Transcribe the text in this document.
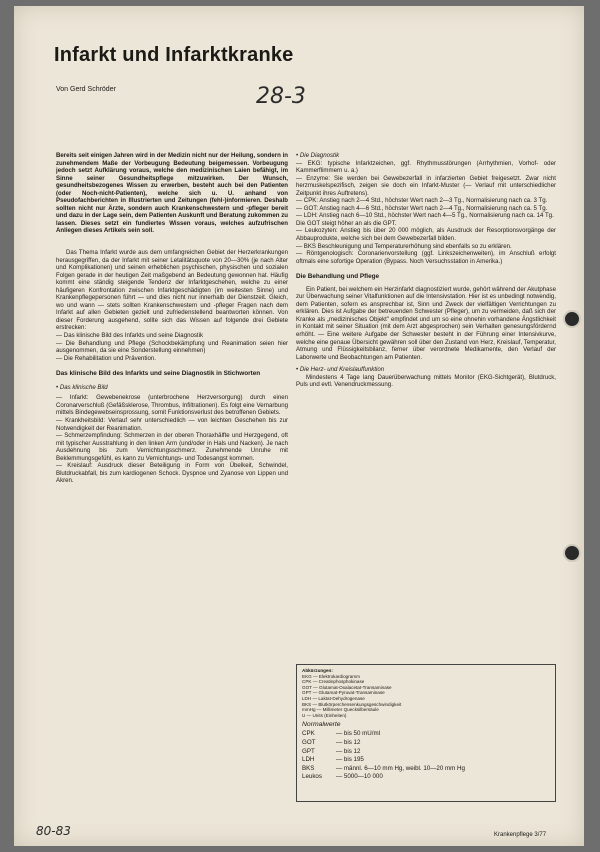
Infarkt und Infarktkranke
Von Gerd Schröder	28-3

Bereits seit einigen Jahren wird in der Medizin nicht nur der Heilung, sondern in zunehmendem Maße der Vorbeugung Bedeutung beigemessen. Vorbeugung jedoch setzt Aufklärung voraus, welche den medizinischen Laien befähigt, im Sinne seiner Gesundheitspflege mitzuwirken. Der Wunsch, gesundheitsbezogenes Wissen zu erwerben, besteht auch bei den Patienten (oder Noch-nicht-Patienten), welche sich u. U. anhand von Pseudofachberichten in Illustrierten und Zeitungen (fehl-)informieren. Deshalb sollten nicht nur Ärzte, sondern auch Krankenschwestern und -pfleger bereit und dazu in der Lage sein, dem Patienten Auskunft und Beratung zukommen zu lassen. Dieses setzt ein fundiertes Wissen voraus, welches aufzufrischen Anliegen dieses Artikels sein soll.

Das Thema Infarkt wurde aus dem umfangreichen Gebiet der Herzerkrankungen herausgegriffen, da der Infarkt mit seiner Letalitätsquote von 20—30% (je nach Alter und Komplikationen) und seinen erheblichen psychischen, physischen und sozialen Folgen gerade in der heutigen Zeit maßgebend an Bedeutung gewonnen hat. Häufig kommt eine ständig steigende Tendenz der Infarktgeschehen, welche zu einer häufigeren Konfrontation zwischen Infarktgeschädigten (im weitesten Sinne) und Krankenpflegepersonen führt — und dies nicht nur innerhalb der Dienstzeit. Gleich, wo und wann — stets sollten Krankenschwestern und -pfleger Fragen nach dem Infarkt auf allen Gebieten gezielt und zufriedenstellend beantworten können. Von dieser Forderung ausgehend, sollte sich das Wissen auf folgende drei Gebiete erstrecken:

— Das klinische Bild des Infarkts und seine Diagnostik

— Die Behandlung und Pflege (Schockbekämpfung und Reanimation seien hier ausgenommen, da sie eine Sonderstellung einnehmen)

— Die Rehabilitation und Prävention.

Das klinische Bild des Infarkts und seine Diagnostik in Stichworten

• Das klinische Bild

— Infarkt: Gewebenekrose (unterbrochene Herzversorgung) durch einen Coronarverschluß (Gefäßsklerose, Thrombus, Infiltrationen). Es folgt eine Vernarbung mittels Bindegewebseinsprossung, somit Funktionsverlust des betroffenen Gebiets.
— Krankheitsbild: Verlauf sehr unterschiedlich — von leichten Geschehen bis zur Notwendigkeit der Reanimation.
— Schmerzempfindung: Schmerzen in der oberen Thoraxhälfte und Herzgegend, oft mit typischer Ausstrahlung in den linken Arm (und/oder in Hals und Nacken). Je nach Ausdehnung bis zum Vernichtungsschmerz. Zunehmende Unruhe mit Beklemmungsgefühl, es kann zu Vernichtungs- und Todesangst kommen.
— Kreislauf: Ausdruck dieser Beteiligung in Form von Übelkeit, Schwindel, Blutdruckabfall, bis zum kardiogenen Schock. Dyspnoe und Zyanose von Lippen und Akren.

• Die Diagnostik

— EKG: typische Infarktzeichen, ggf. Rhythmusstörungen (Arrhythmien, Vorhof- oder Kammerflimmern u. a.)
— Enzyme: Sie werden bei Gewebezerfall in infarzierten Gebiet freigesetzt. Zwar nicht herzmuskelspezifisch, zeigen sie doch ein Infarkt-Muster (— Verlauf mit unterschiedlicher Zeitpunkt ihres Auftretens).
— CPK: Anstieg nach 2—4 Std., höchster Wert nach 2—3 Tg., Normalisierung nach ca. 3 Tg.
— GOT: Anstieg nach 4—6 Std., höchster Wert nach 2—4 Tg., Normalisierung nach ca. 5 Tg.
— LDH: Anstieg nach 6—10 Std., höchster Wert nach 4—5 Tg., Normalisierung nach ca. 14 Tg.
Die GOT steigt höher an als die GPT.
— Leukozyten: Anstieg bis über 20 000 möglich, als Ausdruck der Resorptionsvorgänge der Abbauprodukte, welche sich bei dem Gewebezerfall bilden.
— BKS Beschleunigung und Temperaturerhöhung sind ebenfalls so zu erklären.
— Röntgenologisch: Coronarienvorstellung (ggf. Linkszeichenweiten), im Anschluß erfolgt oftmals eine sofortige Operation (Bypass. Noch Versuchsstation in Amerika.)

Die Behandlung und Pflege

Ein Patient, bei welchem ein Herzinfarkt diagnostiziert wurde, gehört während der Akutphase zur Überwachung seiner Vitalfunktionen auf die Intensivstation. Hier ist es unbedingt notwendig, dem Patienten, sofern es ansprechbar ist, Sinn und Zweck der vielfältigen Verrichtungen zu erklären. Dies ist Aufgabe der betreuenden Schwester (Pfleger), um zu vermeiden, daß sich der Kranke als „medizinisches Objekt" empfindet und um so eine ohnehin vorhandene Ängstlichkeit in Kontakt mit seiner Situation (mit dem Arzt abgesprochen) sein Verhalten genesungsfördernd erhöht. — Eine weitere Aufgabe der Schwester besteht in der Führung einer Intensivkurve, welche eine genaue Übersicht gewähren soll über den Zustand von Herz, Kreislauf, Temperatur, Atmung und Flüssigkeitsbilanz, ferner über verordnete Medikamente, den Verlauf der Laborwerte und Beobachtungen am Patienten.

• Die Herz- und Kreislauffunktion

Mindestens 4 Tage lang Dauerüberwachung mittels Monitor (EKG-Sichtgerät), Blutdruck, Puls und evtl. Venendruckmessung.

Abkürzungen:
EKG — Elektrokardiogramm
CPK — Creatinphosphokinase
GOT — Glutamat-Oxalacetat-Transaminase
GPT — Glutamat-Pyruvat-Transaminase
LDH — Laktat-Dehydrogenase
BKS — Blutkörperchensenkungsgeschwindigkeit
mmHg — Millimeter Quecksilbersäule
U — Units (Einheiten)
Normalwerte
CPK	— bis 50 mU/ml
GOT	— bis 12
GPT	— bis 12
LDH	— bis 195
BKS	— männl. 6—10 mm Hg, weibl. 10—20 mm Hg
Leukos	— 5000—10 000
80-83	Krankenpflege 3/77
